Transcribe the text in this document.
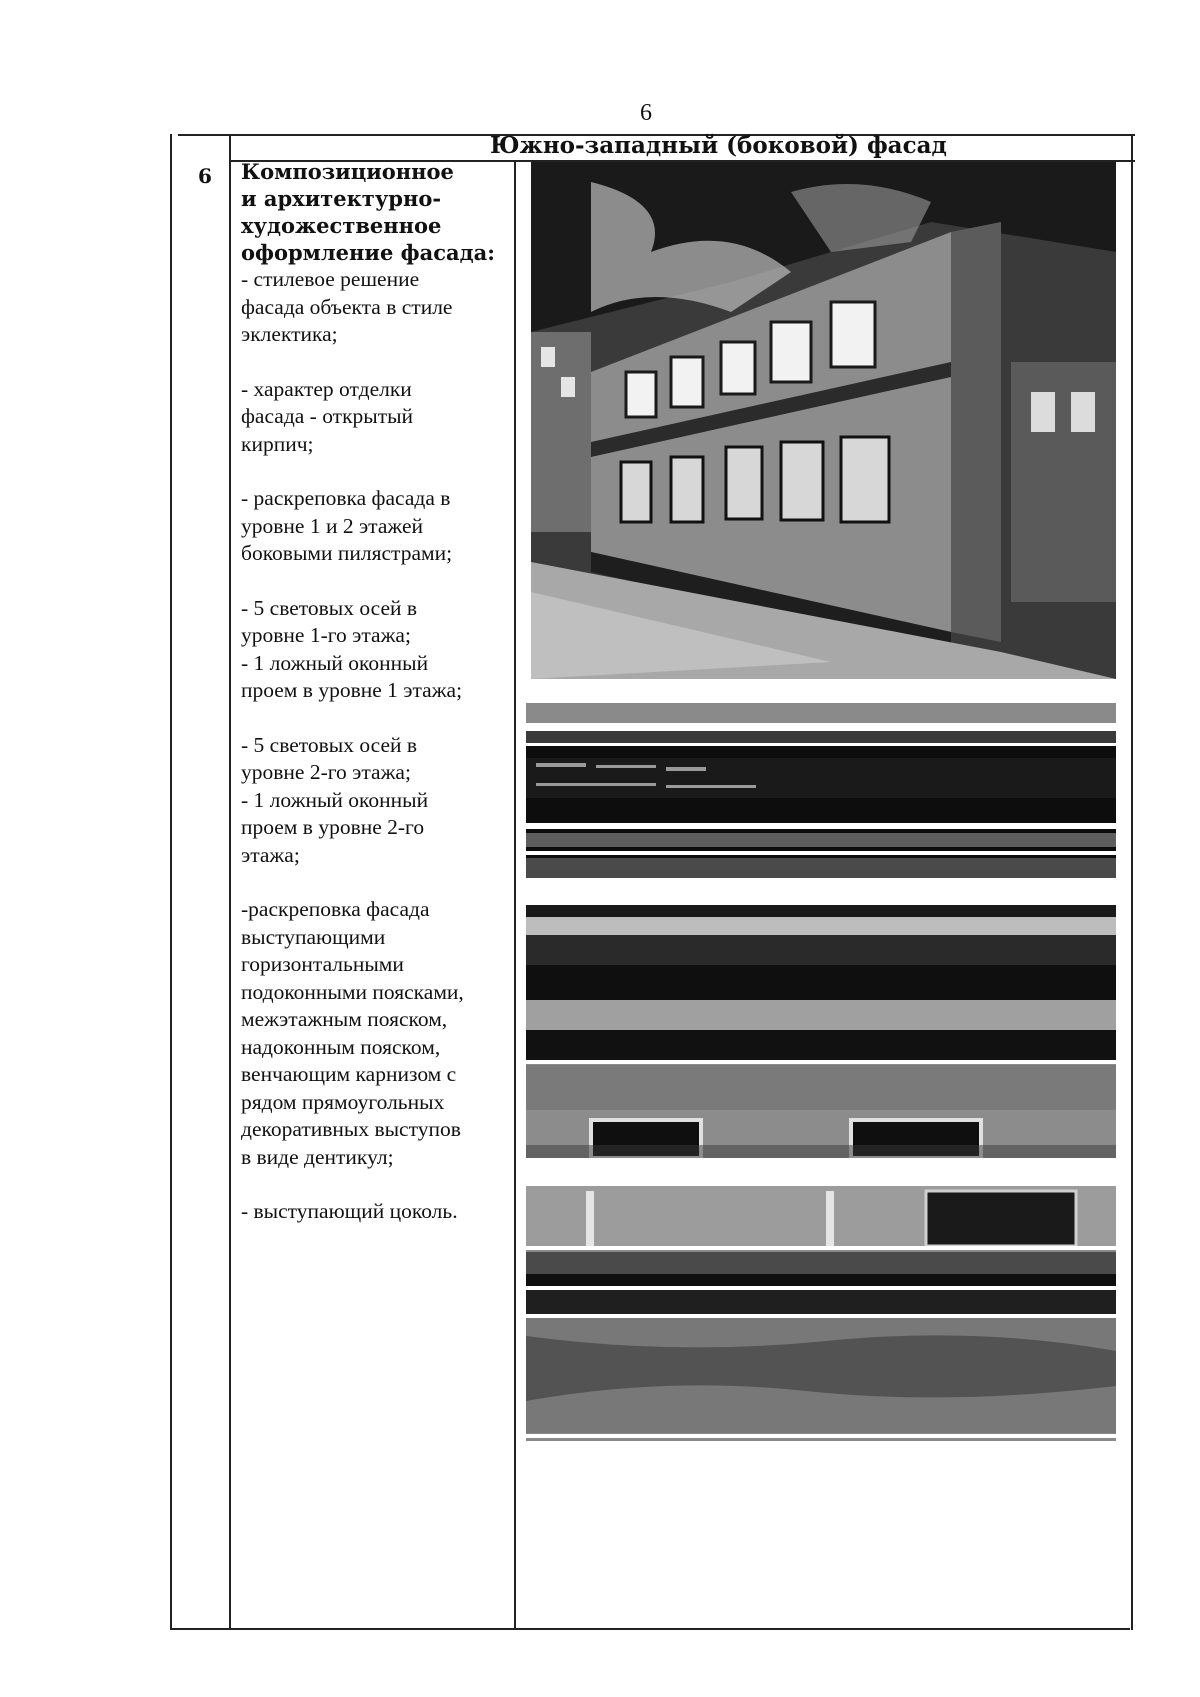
6
Южно-западный (боковой) фасад
6 Композиционное
и архитектурно-
художественное
оформление фасада:
- стилевое решение
фасада объекта в стиле
эклектика;
- характер отделки
фасада - открытый
кирпич;
- раскреповка фасада в
уровне 1 и 2 этажей
боковыми пилястрами;
- 5 световых осей в
уровне 1-го этажа;
- 1 ложный оконный
проем в уровне 1 этажа;
- 5 световых осей в
уровне 2-го этажа;
- 1 ложный оконный
проем в уровне 2-го
этажа;
-раскреповка фасада
выступающими
горизонтальными
подоконными поясками,
межэтажным пояском,
надоконным пояском,
венчающим карнизом с
рядом прямоугольных
декоративных выступов
в виде дентикул;
- выступающий цоколь.
